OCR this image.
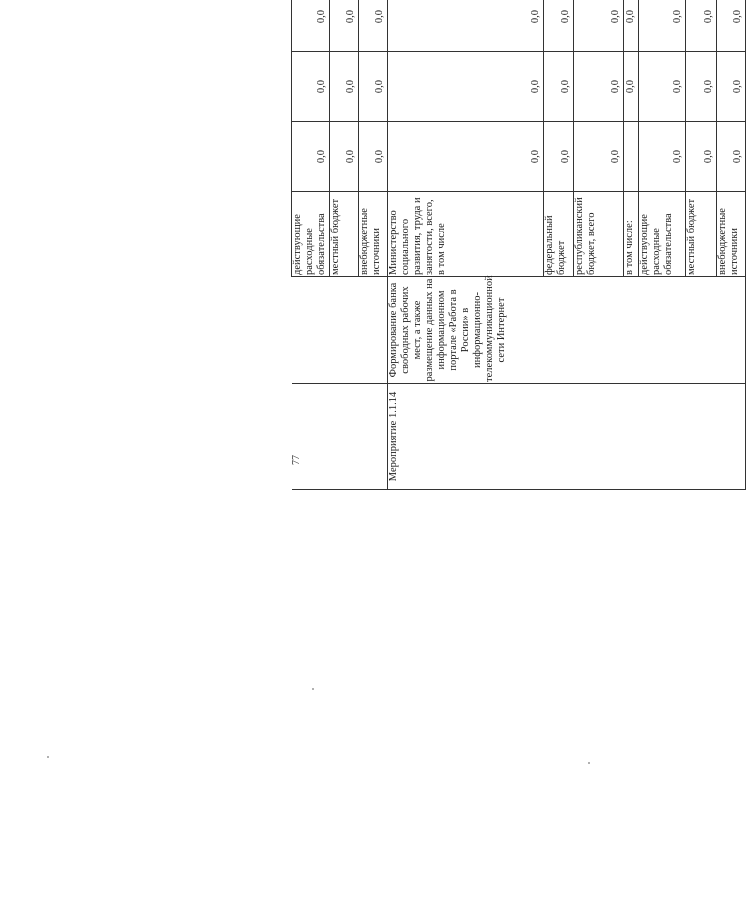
77
		действующие расходные обязательства	0,0	0,0	0,0				
		местный бюджет	0,0	0,0	0,0				
		внебюджетные источники	0,0	0,0	0,0				
Мероприятие 1.1.14	Формирование банка свободных рабочих мест, а также размещение данных на информационном портале «Работа в России» в информационно-телекоммуникационной сети Интернет	Министерство социального развития, труда и занятости, всего, в том числе	0,0	0,0	0,0				
		федеральный бюджет	0,0	0,0	0,0				
		республиканский бюджет, всего	0,0	0,0	0,0				
		в том числе:		0,0	0,0				
		действующие расходные обязательства	0,0	0,0	0,0				
		местный бюджет	0,0	0,0	0,0				
		внебюджетные источники	0,0	0,0	0,0				
